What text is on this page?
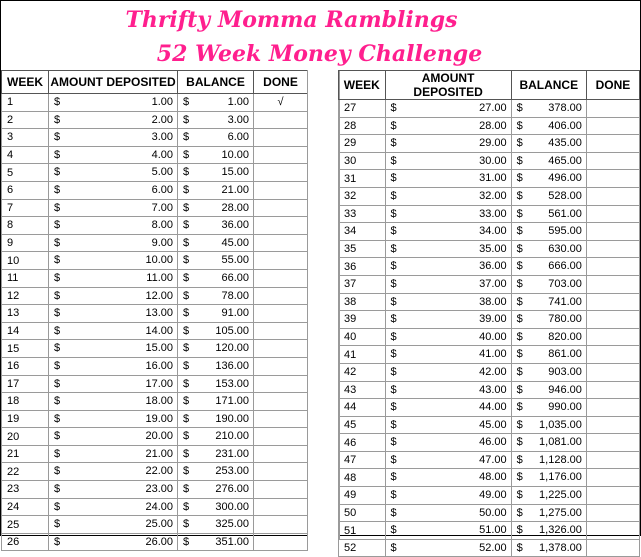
Thrifty Momma Ramblings
52 Week Money Challenge
WEEK	AMOUNT DEPOSITED	BALANCE	DONE
1	$ 1.00	$ 1.00	√
2	$ 2.00	$ 3.00	

3	$ 3.00	$ 6.00	

4	$ 4.00	$ 10.00	

5	$ 5.00	$ 15.00	

6	$ 6.00	$ 21.00	

7	$ 7.00	$ 28.00	

8	$ 8.00	$ 36.00	

9	$ 9.00	$ 45.00	

10	$ 10.00	$ 55.00	

11	$ 11.00	$ 66.00	

12	$ 12.00	$ 78.00	

13	$ 13.00	$ 91.00	

14	$ 14.00	$ 105.00	

15	$ 15.00	$ 120.00	

16	$ 16.00	$ 136.00	

17	$ 17.00	$ 153.00	

18	$ 18.00	$ 171.00	

19	$ 19.00	$ 190.00	

20	$ 20.00	$ 210.00	

21	$ 21.00	$ 231.00	

22	$ 22.00	$ 253.00	

23	$ 23.00	$ 276.00	

24	$ 24.00	$ 300.00	

25	$ 25.00	$ 325.00	

26	$ 26.00	$ 351.00	

WEEK	AMOUNT DEPOSITED	BALANCE	DONE
27	$ 27.00	$ 378.00	

28	$ 28.00	$ 406.00	

29	$ 29.00	$ 435.00	

30	$ 30.00	$ 465.00	

31	$ 31.00	$ 496.00	

32	$ 32.00	$ 528.00	

33	$ 33.00	$ 561.00	

34	$ 34.00	$ 595.00	

35	$ 35.00	$ 630.00	

36	$ 36.00	$ 666.00	

37	$ 37.00	$ 703.00	

38	$ 38.00	$ 741.00	

39	$ 39.00	$ 780.00	

40	$ 40.00	$ 820.00	

41	$ 41.00	$ 861.00	

42	$ 42.00	$ 903.00	

43	$ 43.00	$ 946.00	

44	$ 44.00	$ 990.00	

45	$ 45.00	$ 1,035.00	

46	$ 46.00	$ 1,081.00	

47	$ 47.00	$ 1,128.00	

48	$ 48.00	$ 1,176.00	

49	$ 49.00	$ 1,225.00	

50	$ 50.00	$ 1,275.00	

51	$ 51.00	$ 1,326.00	

52	$ 52.00	$ 1,378.00	
